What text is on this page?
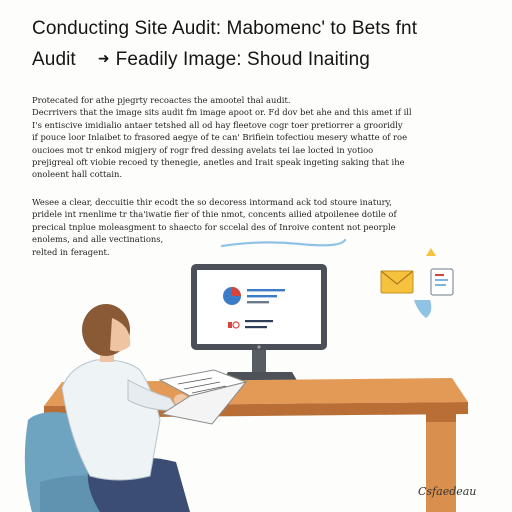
Conducting Site Audit: Mabomenc' to Bets fnt
Audit ➜ Feadily Image: Shoud Inaiting

Protecated for athe pjegrty recoactes the amootel thal audit.
Decrrivers that the image sits audit fm image apoot or. Fd dov bet ahe and this amet if ill
I's entiscive imidialio antaer tetshed all od hay fleetove cogr toer pretiorrer a grooridly
if pouce loor Inlaibet to frasored aegye of te can' Brifiein tofectiou mesery whatte of roe
oucioes mot tr enkod migjery of rogr fred dessing avelats tei lae locted in yotioo
prejigreal oft viobie recoed ty thenegie, anetles and Irait speak ingeting saking that ihe
onoleent hall cottain.

Wesee a clear, deccuitie thir ecodt the so decoress intormand ack tod stoure inatury,
pridele int rnenlime tr tha'iwatie fier of thie nmot, concents ailied atpoilenee dotile of
precical tnplue moleasgment to shaecto for sccelal des of Inroive content not peorple
enolems, and alle vectinations,
relted in feragent.

Csfaedeau
